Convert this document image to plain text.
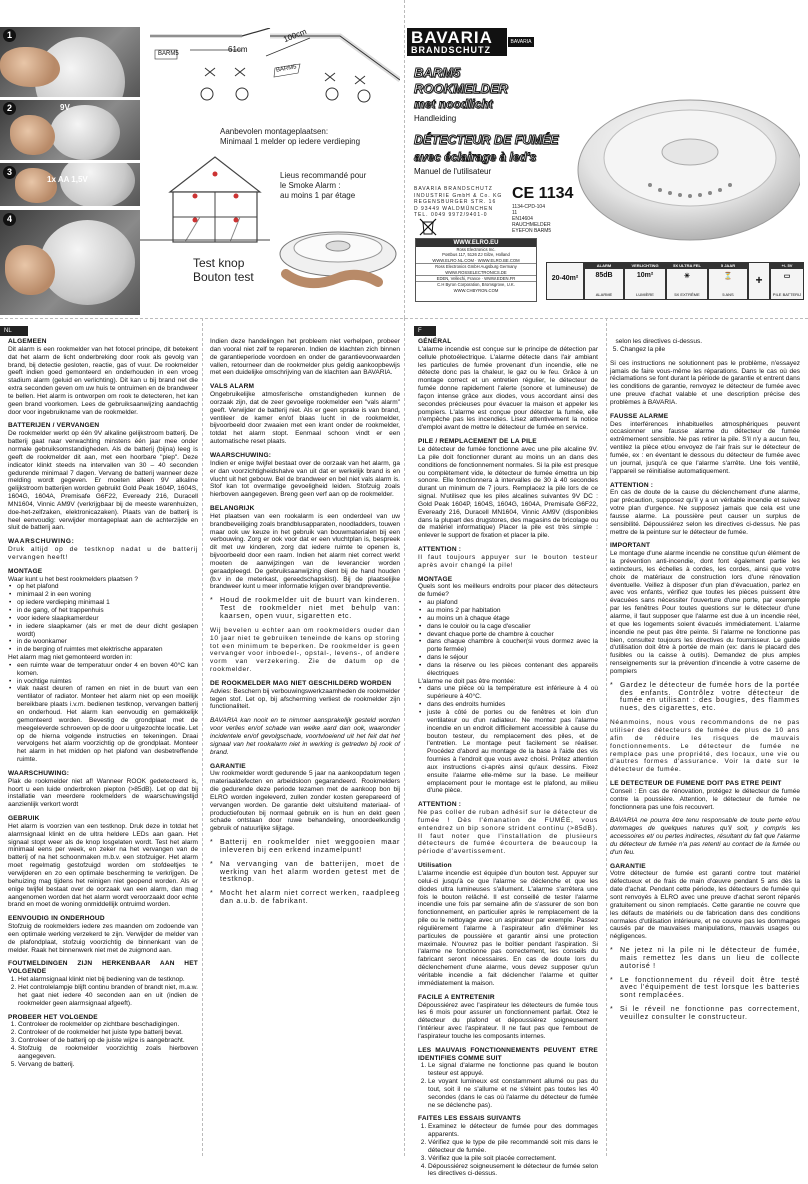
1
2	9V
3
1x AA 1,5V
4
61cm
100cm
BARM5
BARM5
Aanbevolen montageplaatsen:
Minimaal 1 melder op iedere verdieping
Lieus recommandé pour
le Smoke Alarm :
au moins 1 par étage
Test knop
Bouton test
BAVARIA
BRANDSCHUTZ
BAVARIA
BARM5
ROOKMELDER
met noodlicht
Handleiding
DÉTECTEUR DE FUMÉE
avec éclairage à led's
Manuel de l'utilisateur
BAVARIA BRANDSCHUTZ
INDUSTRIE GmbH & Co. KG
REGENSBURGER STR. 16
D 93449 WALDMÜNCHEN
TEL. 0049 9972/9401-0
CE 1134
1134-CPD-104
11
EN14604
RAUCHMELDER
EYEFON BARM5
WWW.ELRO.EU
Ross Electronics Inc.
Postbus 117, 5126 ZJ Gilze, Holland
WWW.ELRO.NL.COM · WWW.ELRO.BE.COM
Ross Electronics GmbH Augsburg Germany
WWW.ROSSELECTRONICS.DE
EDEN, Vellechi, France · WWW.EDEN.FR
C.H Byron Corporation, Bromsgrove, U.K.
WWW.CHBYRON.COM
20-40m²
ALARM
85dB
ALARME
VERLICHTING
10m²
LUMIÈRE
5X ULTRA FEL
☀
5X EXTRÊME
5 JAAR
⏳
5 ANS
+
+/- 5V
▭
PILE BATTERIJ
NL	F

ALGEMEEN
Dit alarm is een rookmelder van het fotocel principe, dit betekent dat het alarm de licht onderbreking door rook als gevolg van brand, bij detectie gesloten, reactie, gas of vuur. De rookmelder geeft indien goed gemonteerd en onderhouden in een vroeg stadium alarm (geluid en verlichting). Dit kan u bij brand net die extra seconden geven om uw huis te ontruimen en de brandweer te bellen. Het alarm is ontworpen om rook te detecteren, het kan geen brand voorkomen. Lees de gebruiksaanwijzing aandachtig door voor ingebruikname van de rookmelder.

BATTERIJEN / VERVANGEN
De rookmelder werkt op één 9V alkaline gelijkstroom batterij. De batterij gaat naar verwachting minstens één jaar mee onder normale gebruiksomstandigheden. Als de batterij (bijna) leeg is geeft de rookmelder dit aan, met een hoorbare "piep". Deze indicator klinkt steeds na intervallen van 30 – 40 seconden gedurende minimaal 7 dagen. Vervang de batterij wanneer deze melding wordt gegeven. Er moeten alleen 9V alkaline gelijkstroom batterijen worden gebruikt Gold Peak 1604P, 1604S, 1604G, 1604A, Premisafe G6F22, Eveready 216, Duracell MN1604, Vinnic AM9V (verkrijgbaar bij de meeste warenhuizen, doe-het-zelfzaken, elektronicazaken). Plaats van de batterij is heel eenvoudig: verwijder montageplaat aan de achterzijde en sluit de batterij aan.

WAARSCHUWING:
Druk altijd op de testknop nadat u de batterij vervangen heeft!

MONTAGE
Waar kunt u het best rookmelders plaatsen ?

• op het plafond
• minimaal 2 in een woning
• op iedere verdieping minimaal 1
• in de gang, of het trappenhuis
• voor iedere slaapkamerdeur
• in iedere slaapkamer (als er met de deur dicht geslapen wordt)
• in de woonkamer
• in de berging of ruimtes met elektrische apparaten

Het alarm mag niet gemonteerd worden in:

• een ruimte waar de temperatuur onder 4 en boven 40°C kan komen.
• in vochtige ruimtes
• vlak naast deuren of ramen en niet in de buurt van een ventilator of radiator. Monteer het alarm niet op een moeilijk bereikbare plaats i.v.m. bedienen testknop, vervangen batterij en onderhoud. Het alarm kan eenvoudig en gemakkelijk gemonteerd worden. Bevestig de grondplaat met de meegeleverde schroeven op de door u uitgezochte locatie. Let op de hierna volgende instructies en tekeningen. Draai vervolgens het alarm voorzichtig op de grondplaat. Monteer het alarm in het midden op het plafond van desbetreffende ruimte.

WAARSCHUWING:
Plak de rookmelder niet af! Wanneer ROOK gedetecteerd is, hoort u een luide onderbroken piepton (>85dB). Let op dat bij installatie van meerdere rookmelders de waarschuwingstijd aanzienlijk verkort wordt

GEBRUIK
Het alarm is voorzien van een testknop. Druk deze in totdat het alarmsignaal klinkt en de ultra heldere LEDs aan gaan. Het signaal stopt weer als de knop losgelaten wordt. Test het alarm minimaal eens per week, en zeker na het vervangen van de batterij of na het schoonmaken m.b.v. een stofzuiger. Het alarm moet regelmatig gestofzuigd worden om stofdeeltjes te verwijderen en zo een optimale bescherming te verkrijgen. De behuizing mag tijdens het reinigen niet geopend worden. Als er enige twijfel bestaat over de oorzaak van een alarm, dan mag aangenomen worden dat het alarm wordt veroorzaakt door echte brand en moet de woning onmiddellijk ontruimd worden.

EENVOUDIG IN ONDERHOUD
Stofzuig de rookmelders iedere zes maanden om zodoende van een optimale werking verzekerd te zijn. Verwijder de melder van de plafondplaat, stofzuig voorzichtig de binnenkant van de melder. Raak het binnenwerk niet met de zuigmond aan.

FOUTMELDINGEN ZIJN HERKENBAAR AAN HET VOLGENDE

1. Het alarmsignaal klinkt niet bij bediening van de testknop.
2. Het controlelampje blijft continu branden of brandt niet, m.a.w. het gaat niet iedere 40 seconden aan en uit (indien de rookmelder geen alarmsignaal afgeeft).

PROBEER HET VOLGENDE

1. Controleer de rookmelder op zichtbare beschadigingen.
2. Controleer of de rookmelder het juiste type batterij bevat.
3. Controleer of de batterij op de juiste wijze is aangebracht.
4. Stofzuig de rookmelder voorzichtig zoals hierboven aangegeven.
5. Vervang de batterij.

Indien deze handelingen het probleem niet verhelpen, probeer dan vooral niet zelf te repareren. Indien de klachten zich binnen de garantieperiode voordoen en onder de garantievoorwaarden vallen, retourneer dan de rookmelder plus geldig aankoopbewijs met een duidelijke omschrijving van de klachten aan BAVARIA.

VALS ALARM
Ongebruikelijke atmosferische omstandigheden kunnen de oorzaak zijn, dat de zeer gevoelige rookmelder een "vals alarm" geeft. Verwijder de batterij niet. Als er geen sprake is van brand, ventileer de kamer en/of blaas lucht in de rookmelder, bijvoorbeeld door zwaaien met een krant onder de rookmelder, totdat het alarm stopt. Eenmaal schoon vindt er een automatische reset plaats.

WAARSCHUWING:
Indien er enige twijfel bestaat over de oorzaak van het alarm, ga er dan voorzichtigheidshalve van uit dat er werkelijk brand is en vlucht uit het gebouw. Bel de brandweer en bel niet vals alarm is. Stof kan tot overmatige gevoeligheid leiden. Stofzuig zoals hierboven aangegeven. Breng geen verf aan op de rookmelder.

BELANGRIJK
Het plaatsen van een rookalarm is een onderdeel van uw brandbeveiliging zoals brandblusapparaten, noodladders, touwen maar ook uw keuze in het gebruik van bouwmaterialen bij een verbouwing. Zorg er ook voor dat er een vluchtplan is, bespreek dit met uw kinderen, zorg dat iedere ruimte te openen is, bijvoorbeeld door een raam. Indien het alarm niet correct werkt moeten de aanwijzingen van de leverancier worden geraadpleegd. De gebruiksaanwijzing dient bij de hand houden (b.v in de meterkast, gereedschapskist). Bij de plaatselijke brandweer kunt u meer informatie krijgen over brandpreventie.

* Houd de rookmelder uit de buurt van kinderen. Test de rookmelder niet met behulp van: kaarsen, open vuur, sigaretten etc.

Wij bevelen u echter aan om rookmelders ouder dan 10 jaar niet te gebruiken teneinde de kans op storing tot een minimum te beperken. De rookmelder is geen vervanger voor inboedel-, opstal-, levens-, of andere vorm van verzekering. Zie de datum op de rookmelder.

DE ROOKMELDER MAG NIET GESCHILDERD WORDEN
Advies: Beschern bij verbouwingswerkzaamheden de rookmelder tegen stof. Let op, bij afscherming verliest de rookmelder zijn functionaliteit.

BAVARIA kan nooit en te nimmer aansprakelijk gesteld worden voor verlies en/of schade van welke aard dan ook, waaronder incidentele en/of gevolgschade, voortvloeiend uit het feit dat het signaal van het rookalarm niet in werking is getreden bij rook of brand.

GARANTIE
Uw rookmelder wordt gedurende 5 jaar na aankoopdatum tegen materiaaldefecten en arbeidsloon gegarandeerd. Rookmelders die gedurende deze periode tezamen met de aankoop bon bij ELRO worden ingeleverd, zullen zonder kosten gerepareerd of vervangen worden. De garantie dekt uitsluitend materiaal- of productiefouten bij normaal gebruik en is hun en dekt geen schade ontstaan door ruwe behandeling, onoordeelkundig gebruik of natuurlijke slijtage.

* Batterij en rookmelder niet weggooien maar inleveren bij een erkend inzamelpunt!
* Na vervanging van de batterijen, moet de werking van het alarm worden getest met de testknop.
* Mocht het alarm niet correct werken, raadpleeg dan a.u.b. de fabrikant.

GÉNÉRAL
L'alarme incendie est conçue sur le principe de détection par cellule photoélectrique. L'alarme détecte dans l'air ambiant les particules de fumée provenant d'un incendie, elle ne détecte donc pas la chaleur, le gaz ou le feu. Grâce à un montage correct et un entretien régulier, le détecteur de fumée donne rapidement l'alerte (sonore et lumineuse) de façon intense grâce aux diodes, vous accordant ainsi des secondes précieuses pour évacuer la maison et appeler les pompiers. L'alarme est conçue pour détecter la fumée, elle n'empêche pas les incendies. Lisez attentivement la notice d'emploi avant de mettre le détecteur de fumée en service.

PILE / REMPLACEMENT DE LA PILE
Le détecteur de fumée fonctionne avec une pile alcaline 9V. La pile doit fonctionner durant au moins un an dans des conditions de fonctionnement normales. Si la pile est presque ou complètement vide, le détecteur de fumée émettra un bip sonore. Elle fonctionnera à intervalles de 30 à 40 secondes durant un minimum de 7 jours. Remplacez la pile lors de ce signal. N'utilisez que les piles alcalines suivantes 9V DC : Gold Peak 1604P, 1604S, 1604G, 1604A, Premisafe G6F22, Eveready 216, Duracell MN1604, Vinnic AM9V (disponibles dans la plupart des drugstores, des magasins de bricolage ou de matériel informatique) Placer la pile est très simple : enlever le support de fixation et placer la pile.

ATTENTION :
Il faut toujours appuyer sur le bouton testeur après avoir changé la pile!

MONTAGE
Quels sont les meilleurs endroits pour placer des détecteurs de fumée?

• au plafond
• au moins 2 par habitation
• au moins un à chaque étage
• dans le couloir ou la cage d'escalier
• devant chaque porte de chambre à coucher
• dans chaque chambre à coucher(si vous dormez avec la porte fermée)
• dans le séjour
• dans la réserve ou les pièces contenant des appareils électriques

L'alarme ne doit pas être montée:

• dans une pièce où la température est inférieure à 4 où supérieure à 40°C.
• dans des endroits humides
• juste à côté de portes ou de fenêtres et loin d'un ventilateur ou d'un radiateur. Ne montez pas l'alarme incendie en un endroit difficilement accessible à cause du bouton testeur, du remplacement des piles, et de l'entretien. Le montage peut facilement se réaliser. Procédez d'abord au montage de la base à l'aide des vis fournies à l'endroit que vous avez choisi. Prêtez attention aux instructions ci-après ainsi qu'aux dessins. Fixez ensuite l'alarme elle-même sur la base. Le meilleur emplacement pour le montage est le plafond, au milieu d'une pièce.

ATTENTION :
Ne pas coller de ruban adhésif sur le détecteur de fumée ! Dès l'émanation de FUMÉE, vous entendrez un bip sonore strident continu (>85dB). Il faut noter que l'installation de plusieurs détecteurs de fumée écourtera de beaucoup la période d'avertissement.

Utilisation
L'alarme incendie est équipée d'un bouton test. Appuyer sur celui-ci jusqu'à ce que l'alarme se déclenche et que les diodes ultra lumineuses s'allument. L'alarme s'arrêtera une fois le bouton relâché. Il est conseillé de tester l'alarme incendie une fois par semaine afin de s'assurer de son bon fonctionnement, en particulier après le remplacement de la pile ou le nettoyage avec un aspirateur par exemple. Passez régulièrement l'alarme à l'aspirateur afin d'éliminer les particules de poussière et garantir ainsi une protection maximale. N'ouvrez pas le boîtier pendant l'aspiration. Si l'alarme ne fonctionne pas correctement, les conseils du fabricant seront nécessaires. En cas de doute lors du déclenchement d'une alarme, vous devez supposer qu'un véritable incendie a fait déclencher l'alarme et quitter immédiatement la maison.

FACILE A ENTRETENIR
Dépoussiérez avec l'aspirateur les détecteurs de fumée tous les 6 mois pour assurer un fonctionnement parfait. Otez le détecteur du plafond et dépoussiérez soigneusement l'intérieur avec l'aspirateur. Il ne faut pas que l'embout de l'aspirateur touche les composants internes.

LES MAUVAIS FONCTIONNEMENTS PEUVENT ETRE IDENTIFIES COMME SUIT

1. Le signal d'alarme ne fonctionne pas quand le bouton testeur est appuyé.
2. Le voyant lumineux est constamment allumé ou pas du tout, soit il ne s'allume et ne s'éteint pas toutes les 40 secondes (dans le cas où l'alarme du détecteur de fumée ne se déclenche pas).

FAITES LES ESSAIS SUIVANTS

1. Examinez le détecteur de fumée pour des dommages apparents.
2. Vérifiez que le type de pile recommandé soit mis dans le détecteur de fumée.
3. Vérifiez que la pile soit placée correctement.
4. Dépoussiérez soigneusement le détecteur de fumée selon les directives ci-dessus.
selon les directives ci-dessus.
5. Changez la pile

Si ces instructions ne solutionnent pas le problème, n'essayez jamais de faire vous-même les réparations. Dans le cas où des réclamations se font durant la période de garantie et entrent dans les conditions de garantie, renvoyez le détecteur de fumée avec une preuve d'achat valable et une description précise des problèmes à BAVARIA.

FAUSSE ALARME
Des interférences inhabituelles atmosphériques peuvent occasionner une fausse alarme du détecteur de fumée extrêmement sensible. Ne pas retirer la pile. S'il n'y a aucun feu, ventilez la pièce et/ou envoyez de l'air frais sur le détecteur de fumée, ex : en éventant le dessous du détecteur de fumée avec un journal, jusqu'à ce que l'alarme s'arrête. Une fois ventilé, l'appareil se réinitialise automatiquement.

ATTENTION :
En cas de doute de la cause du déclenchement d'une alarme, par précaution, supposez qu'il y a un véritable incendie et suivez votre plan d'urgence. Ne supposez jamais que cela est une fausse alarme. La poussière peut causer un surplus de sensibilité. Dépoussiérez selon les directives ci-dessus. Ne pas mettre de la peinture sur le détecteur de fumée.

IMPORTANT
Le montage d'une alarme incendie ne constitue qu'un élément de la prévention anti-incendie, dont font également partie les extincteurs, les échelles à cordes, les cordes, ainsi que votre choix de matériaux de construction lors d'une rénovation éventuelle. Veillez à disposer d'un plan d'évacuation, parlez en avec vos enfants, vérifiez que toutes les pièces puissent être évacuées sans nécessiter l'ouverture d'une porte, par exemple par les fenêtres Pour toutes questions sur le détecteur d'une alarme, il faut supposer que l'alarme est due à un incendie réel, et que les logements soient évacués immédiatement. L'alarme incendie ne peut pas être peinte. Si l'alarme ne fonctionne pas bien, consultez toujours les directives du fournisseur. Le guide d'utilisation doit être à portée de main (ex: dans le placard des fusibles ou la caisse à outils). Demandez de plus amples renseignements sur la prévention d'incendie à votre caserne de pompiers

* Gardez le détecteur de fumée hors de la portée des enfants. Contrôlez votre détecteur de fumée en utilisant : des bougies, des flammes nues, des cigarettes, etc.

Néanmoins, nous vous recommandons de ne pas utiliser des détecteurs de fumée de plus de 10 ans afin de réduire les risques de mauvais fonctionnements. Le détecteur de fumée ne remplace pas une propriété, des locaux, une vie ou d'autres formes d'assurance. Voir la date sur le détecteur de fumée.

LE DETECTEUR DE FUMENE DOIT PAS ETRE PEINT
Conseil : En cas de rénovation, protégez le détecteur de fumée contre la poussière. Attention, le détecteur de fumée ne fonctionnera pas une fois recouvert.

BAVARIA ne pourra être tenu responsable de toute perte et/ou dommages de quelques natures qu'il soit, y compris les accessoires et/ ou pertes indirectes, résultant du fait que l'alarme du détecteur de fumée n'a pas retenti au contact de la fumée ou d'un feu.

GARANTIE
Votre détecteur de fumée est garanti contre tout matériel défectueux et de frais de main d'œuvre pendant 5 ans dès la date d'achat. Pendant cette période, les détecteurs de fumée qui sont renvoyés à ELRO avec une preuve d'achat seront réparés gratuitement ou sinon remplacés. Cette garantie ne couvre que les défauts de matériels ou de fabrication dans des conditions normales d'utilisation intérieure, et ne couvre pas les dommages causés par de mauvaises manipulations, mauvais usages ou négligences.

* Ne jetez ni la pile ni le détecteur de fumée, mais remettez les dans un lieu de collecte autorisé !
* Le fonctionnement du réveil doit être testé avec l'équipement de test lorsque les batteries sont remplacées.
* Si le réveil ne fonctionne pas correctement, veuillez consulter le constructeur.
